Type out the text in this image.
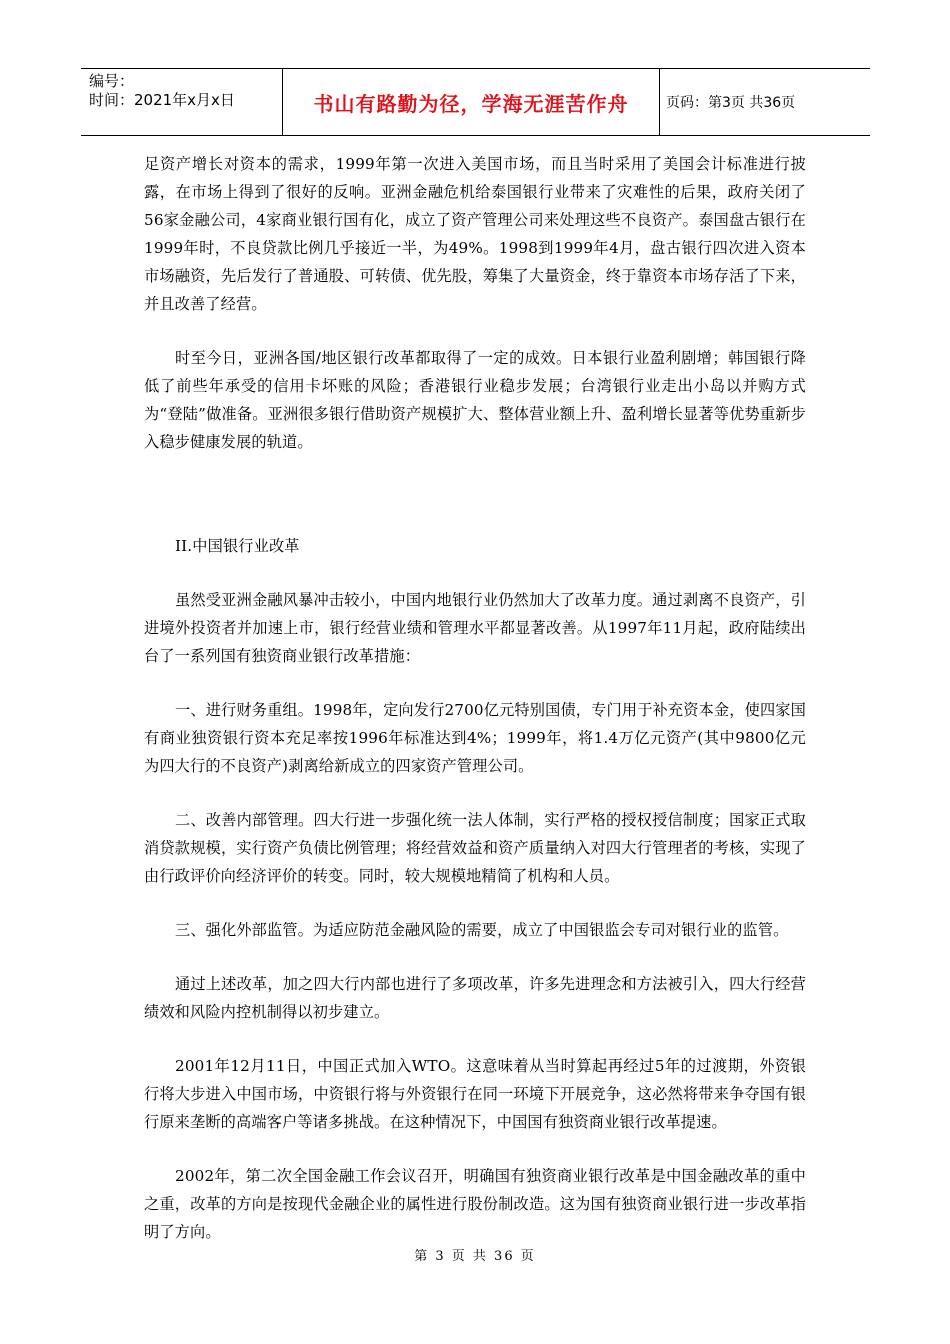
编号：
时间：2021年x月x日	书山有路勤为径，学海无涯苦作舟	页码：第3页 共36页

足资产增长对资本的需求，1999年第一次进入美国市场，而且当时采用了美国会计标准进行披露，在市场上得到了很好的反响。亚洲金融危机给泰国银行业带来了灾难性的后果，政府关闭了56家金融公司，4家商业银行国有化，成立了资产管理公司来处理这些不良资产。泰国盘古银行在1999年时，不良贷款比例几乎接近一半，为49%。1998到1999年4月，盘古银行四次进入资本市场融资，先后发行了普通股、可转债、优先股，筹集了大量资金，终于靠资本市场存活了下来，并且改善了经营。

时至今日，亚洲各国/地区银行改革都取得了一定的成效。日本银行业盈利剧增；韩国银行降低了前些年承受的信用卡坏账的风险；香港银行业稳步发展；台湾银行业走出小岛以并购方式为“登陆”做准备。亚洲很多银行借助资产规模扩大、整体营业额上升、盈利增长显著等优势重新步入稳步健康发展的轨道。

II.中国银行业改革

虽然受亚洲金融风暴冲击较小，中国内地银行业仍然加大了改革力度。通过剥离不良资产，引进境外投资者并加速上市，银行经营业绩和管理水平都显著改善。从1997年11月起，政府陆续出台了一系列国有独资商业银行改革措施：

一、进行财务重组。1998年，定向发行2700亿元特别国债，专门用于补充资本金，使四家国有商业独资银行资本充足率按1996年标准达到4%；1999年，将1.4万亿元资产(其中9800亿元为四大行的不良资产)剥离给新成立的四家资产管理公司。

二、改善内部管理。四大行进一步强化统一法人体制，实行严格的授权授信制度；国家正式取消贷款规模，实行资产负债比例管理；将经营效益和资产质量纳入对四大行管理者的考核，实现了由行政评价向经济评价的转变。同时，较大规模地精简了机构和人员。

三、强化外部监管。为适应防范金融风险的需要，成立了中国银监会专司对银行业的监管。

通过上述改革，加之四大行内部也进行了多项改革，许多先进理念和方法被引入，四大行经营绩效和风险内控机制得以初步建立。

2001年12月11日，中国正式加入WTO。这意味着从当时算起再经过5年的过渡期，外资银行将大步进入中国市场，中资银行将与外资银行在同一环境下开展竞争，这必然将带来争夺国有银行原来垄断的高端客户等诸多挑战。在这种情况下，中国国有独资商业银行改革提速。

2002年，第二次全国金融工作会议召开，明确国有独资商业银行改革是中国金融改革的重中之重，改革的方向是按现代金融企业的属性进行股份制改造。这为国有独资商业银行进一步改革指明了方向。

第 3 页 共 36 页
